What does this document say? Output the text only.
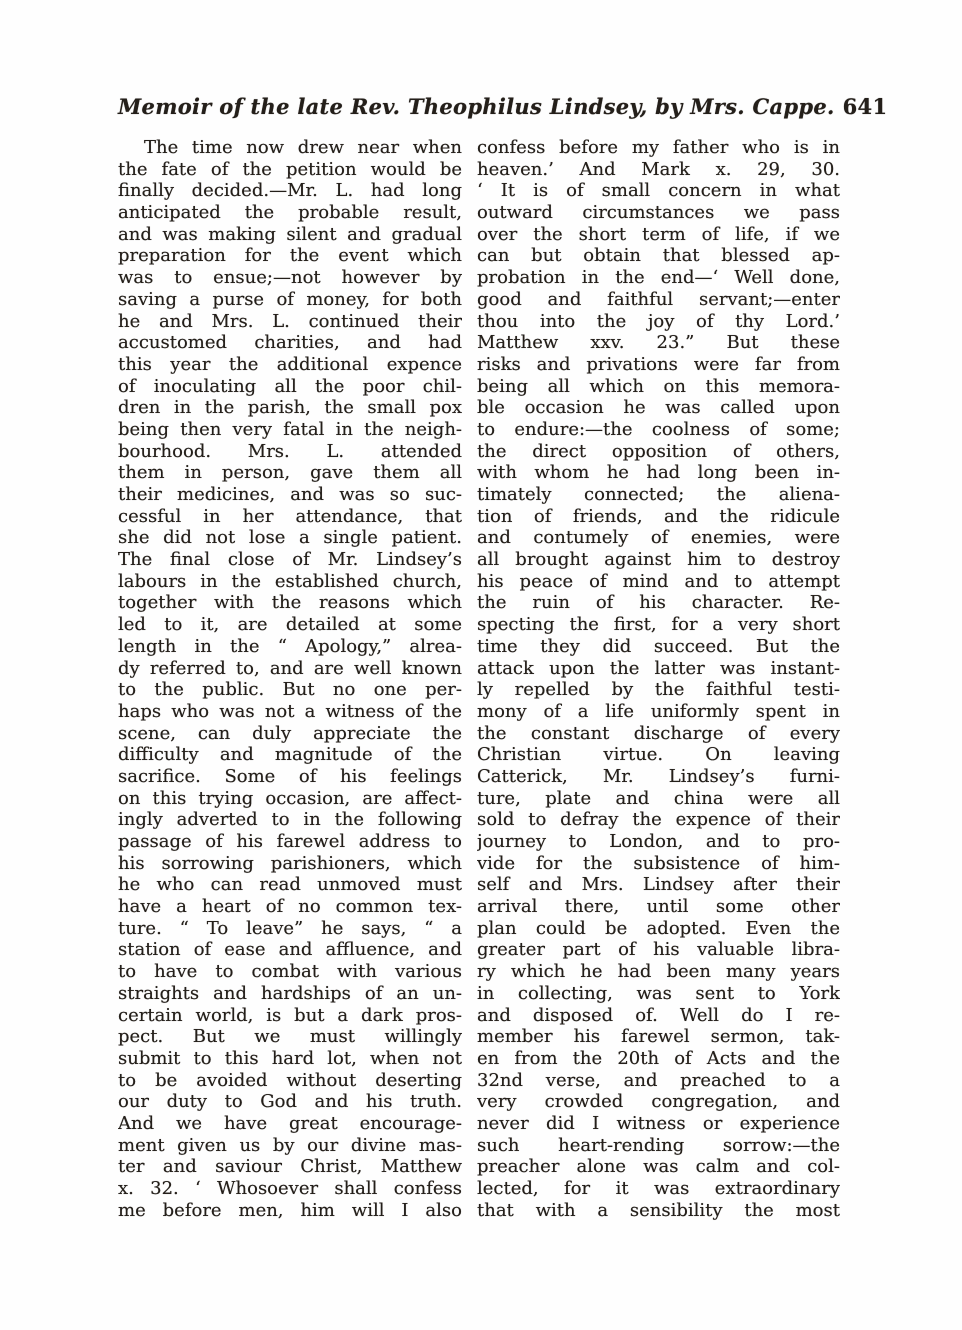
Memoir of the late Rev. Theophilus Lindsey, by Mrs. Cappe. 641
The time now drew near when
the fate of the petition would be
finally decided.—Mr. L. had long
anticipated the probable result,
and was making silent and gradual
preparation for the event which
was to ensue;—not however by
saving a purse of money, for both
he and Mrs. L. continued their
accustomed charities, and had
this year the additional expence
of inoculating all the poor chil-
dren in the parish, the small pox
being then very fatal in the neigh-
bourhood. Mrs. L. attended
them in person, gave them all
their medicines, and was so suc-
cessful in her attendance, that
she did not lose a single patient.
The final close of Mr. Lindsey’s
labours in the established church,
together with the reasons which
led to it, are detailed at some
length in the “ Apology,” alrea-
dy referred to, and are well known
to the public. But no one per-
haps who was not a witness of the
scene, can duly appreciate the
difficulty and magnitude of the
sacrifice. Some of his feelings
on this trying occasion, are affect-
ingly adverted to in the following
passage of his farewel address to
his sorrowing parishioners, which
he who can read unmoved must
have a heart of no common tex-
ture. “ To leave” he says, “ a
station of ease and affluence, and
to have to combat with various
straights and hardships of an un-
certain world, is but a dark pros-
pect. But we must willingly
submit to this hard lot, when not
to be avoided without deserting
our duty to God and his truth.
And we have great encourage-
ment given us by our divine mas-
ter and saviour Christ, Matthew
x. 32. ‘ Whosoever shall confess
me before men, him will I also
confess before my father who is in
heaven.’ And Mark x. 29, 30.
‘ It is of small concern in what
outward circumstances we pass
over the short term of life, if we
can but obtain that blessed ap-
probation in the end—‘ Well done,
good and faithful servant;—enter
thou into the joy of thy Lord.’
Matthew xxv. 23.” But these
risks and privations were far from
being all which on this memora-
ble occasion he was called upon
to endure:—the coolness of some;
the direct opposition of others,
with whom he had long been in-
timately connected; the aliena-
tion of friends, and the ridicule
and contumely of enemies, were
all brought against him to destroy
his peace of mind and to attempt
the ruin of his character. Re-
specting the first, for a very short
time they did succeed. But the
attack upon the latter was instant-
ly repelled by the faithful testi-
mony of a life uniformly spent in
the constant discharge of every
Christian virtue. On leaving
Catterick, Mr. Lindsey’s furni-
ture, plate and china were all
sold to defray the expence of their
journey to London, and to pro-
vide for the subsistence of him-
self and Mrs. Lindsey after their
arrival there, until some other
plan could be adopted. Even the
greater part of his valuable libra-
ry which he had been many years
in collecting, was sent to York
and disposed of. Well do I re-
member his farewel sermon, tak-
en from the 20th of Acts and the
32nd verse, and preached to a
very crowded congregation, and
never did I witness or experience
such heart-rending sorrow:—the
preacher alone was calm and col-
lected, for it was extraordinary
that with a sensibility the most
